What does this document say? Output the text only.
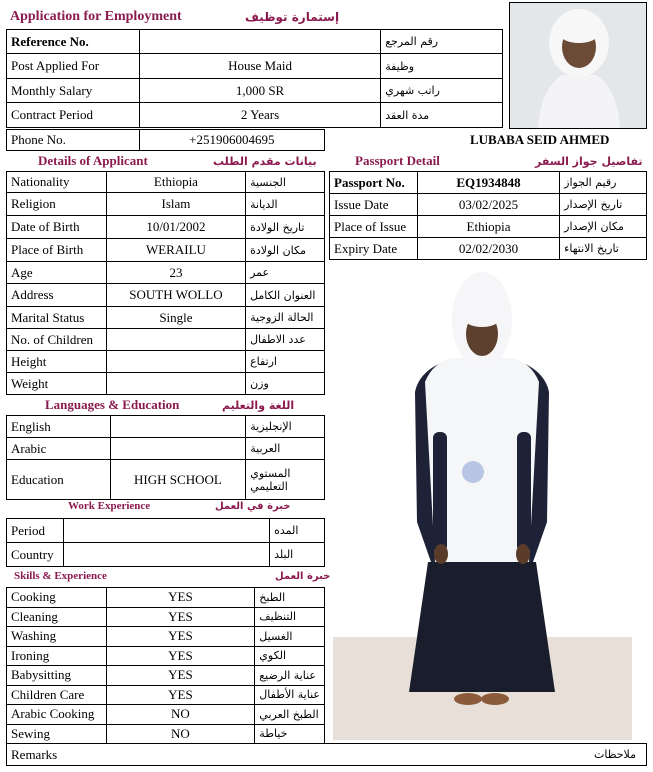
Application for Employment	إستمارة توظيف
Reference No.		رقم المرجع
Post Applied For	House Maid	وظيفة
Monthly Salary	1,000 SR	راتب شهري
Contract Period	2 Years	مدة العقد
Phone No.	+251906004695	LUBABA SEID AHMED
Details of Applicant	بيانات مقدم الطلب	Passport Detail	تفاصيل جواز السفر
Nationality	Ethiopia	الجنسية
Religion	Islam	الديانة
Date of Birth	10/01/2002	تاريخ الولادة
Place of Birth	WERAILU	مكان الولادة
Age	23	عمر
Address	SOUTH WOLLO	العنوان الكامل
Marital Status	Single	الحالة الزوجية
No. of Children		عدد الاطفال
Height		ارتفاع
Weight		وزن
Passport No.	EQ1934848	رقيم الجواز
Issue Date	03/02/2025	تاريخ الإصدار
Place of Issue	Ethiopia	مكان الإصدار
Expiry Date	02/02/2030	تاريخ الانتهاء
Languages & Education	اللغة والتعليم
English		الإنجليزية
Arabic		العربية
Education	HIGH SCHOOL	المستوي
التعليمي
Work Experience	خبرة في العمل
Period		المده
Country		البلد
Skills & Experience	خبرة العمل
Cooking	YES	الطبخ
Cleaning	YES	التنظيف
Washing	YES	الغسيل
Ironing	YES	الكوي
Babysitting	YES	عناية الرضيع
Children Care	YES	عناية الأطفال
Arabic Cooking	NO	الطبخ العربي
Sewing	NO	خياطة
Remarks	ملاحظات
